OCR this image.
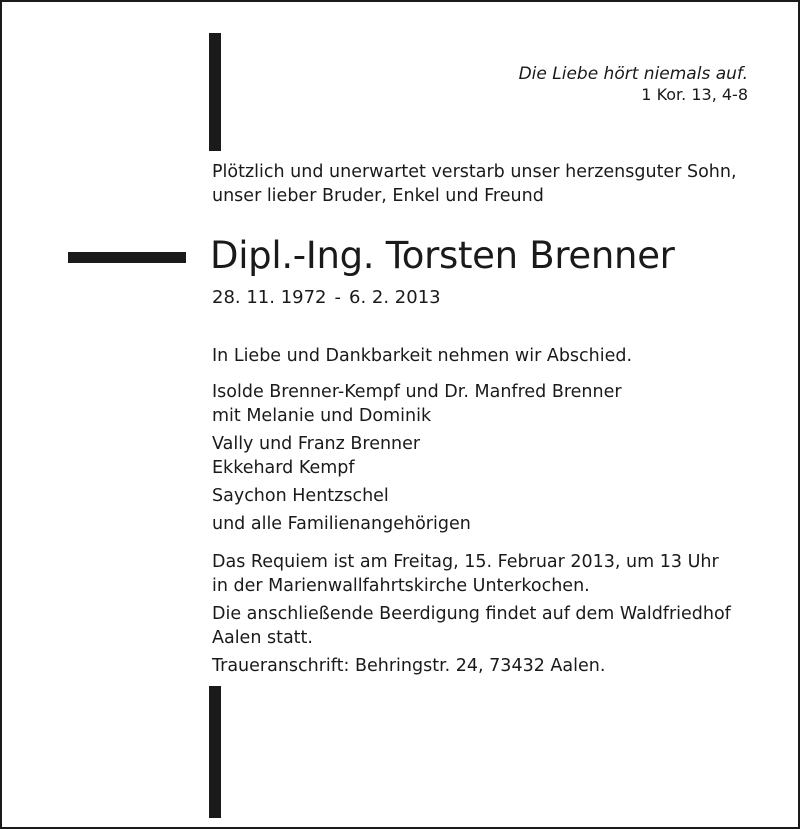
Die Liebe hört niemals auf.
1 Kor. 13, 4-8
Plötzlich und unerwartet verstarb unser herzensguter Sohn,
unser lieber Bruder, Enkel und Freund
Dipl.-Ing. Torsten Brenner
28. 11. 1972 - 6. 2. 2013
In Liebe und Dankbarkeit nehmen wir Abschied.
Isolde Brenner-Kempf und Dr. Manfred Brenner
mit Melanie und Dominik
Vally und Franz Brenner
Ekkehard Kempf
Saychon Hentzschel
und alle Familienangehörigen
Das Requiem ist am Freitag, 15. Februar 2013, um 13 Uhr
in der Marienwallfahrtskirche Unterkochen.
Die anschließende Beerdigung findet auf dem Waldfriedhof
Aalen statt.
Traueranschrift: Behringstr. 24, 73432 Aalen.
